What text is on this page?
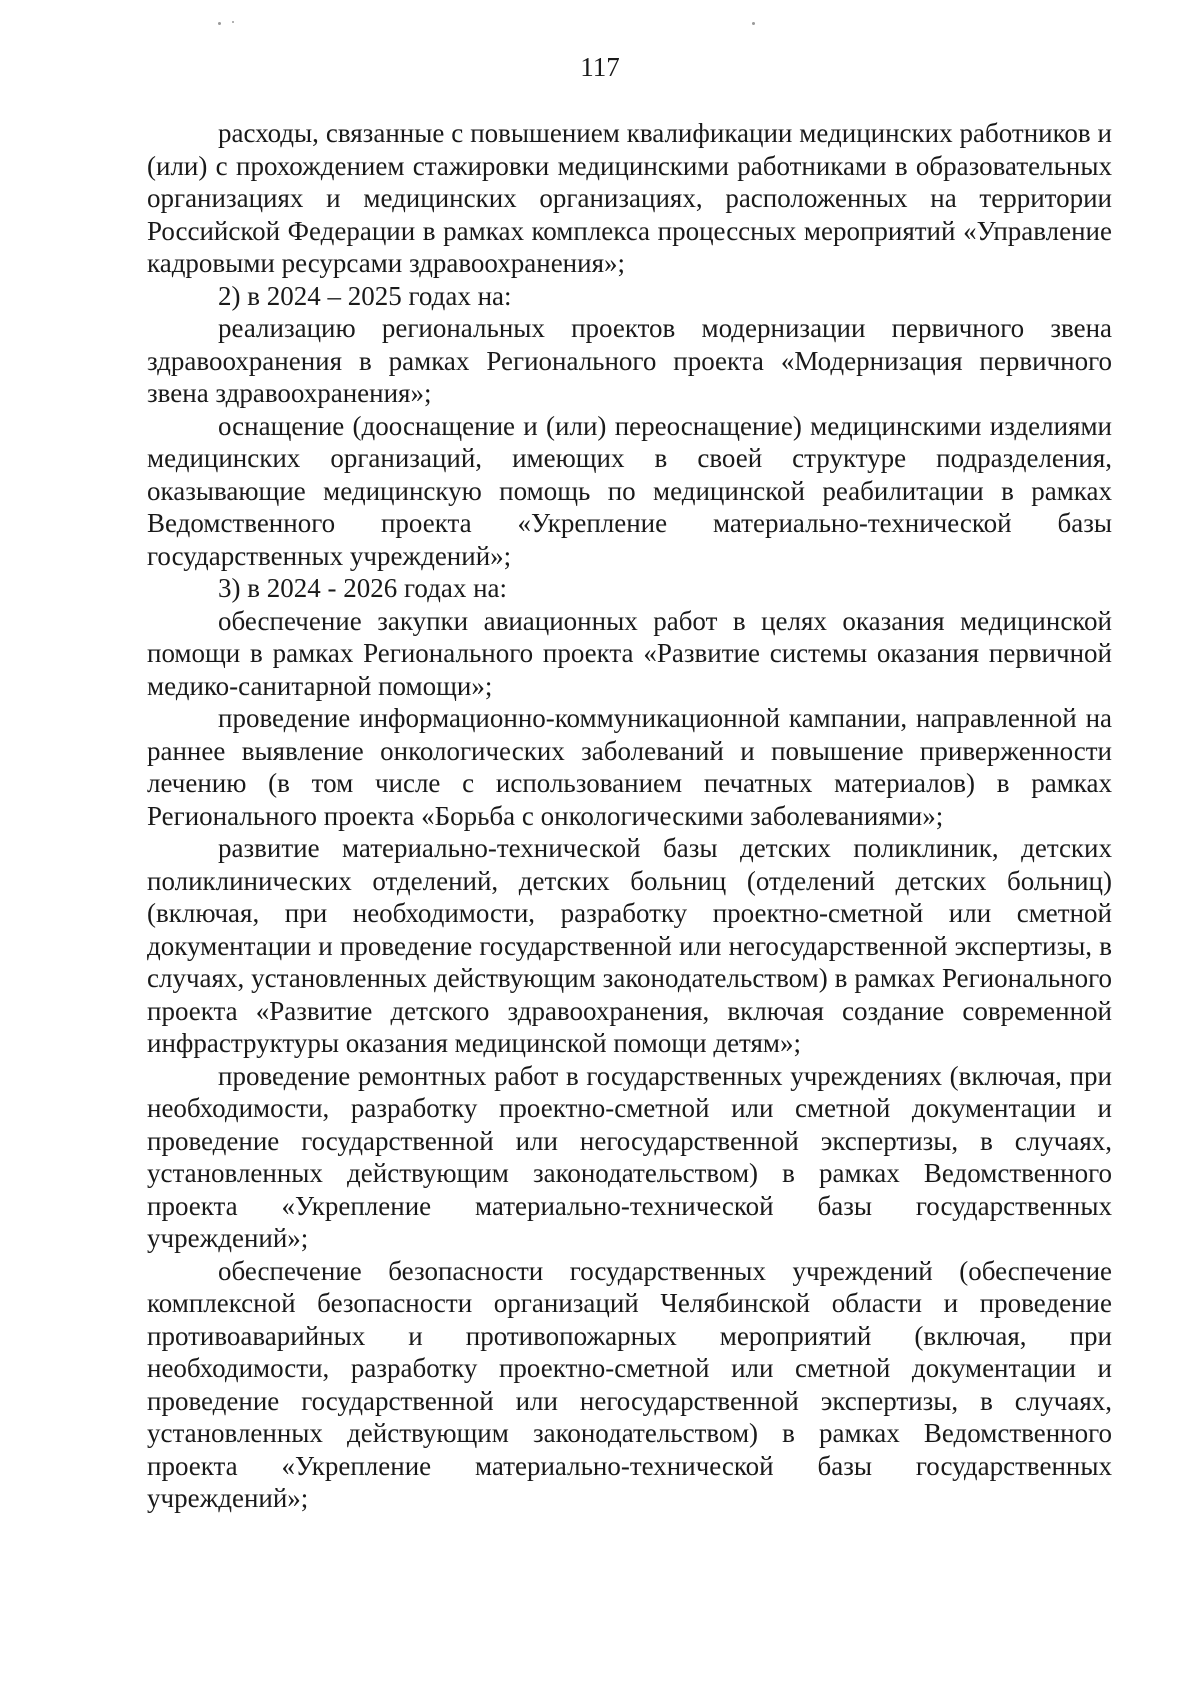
117

расходы, связанные с повышением квалификации медицинских работников и (или) с прохождением стажировки медицинскими работниками в образовательных организациях и медицинских организациях, расположенных на территории Российской Федерации в рамках комплекса процессных мероприятий «Управление кадровыми ресурсами здравоохранения»;

2) в 2024 – 2025 годах на:

реализацию региональных проектов модернизации первичного звена здравоохранения в рамках Регионального проекта «Модернизация первичного звена здравоохранения»;

оснащение (дооснащение и (или) переоснащение) медицинскими изделиями медицинских организаций, имеющих в своей структуре подразделения, оказывающие медицинскую помощь по медицинской реабилитации в рамках Ведомственного проекта «Укрепление материально-технической базы государственных учреждений»;

3) в 2024 - 2026 годах на:

обеспечение закупки авиационных работ в целях оказания медицинской помощи в рамках Регионального проекта «Развитие системы оказания первичной медико-санитарной помощи»;

проведение информационно-коммуникационной кампании, направленной на раннее выявление онкологических заболеваний и повышение приверженности лечению (в том числе с использованием печатных материалов) в рамках Регионального проекта «Борьба с онкологическими заболеваниями»;

развитие материально-технической базы детских поликлиник, детских поликлинических отделений, детских больниц (отделений детских больниц) (включая, при необходимости, разработку проектно-сметной или сметной документации и проведение государственной или негосударственной экспертизы, в случаях, установленных действующим законодательством) в рамках Регионального проекта «Развитие детского здравоохранения, включая создание современной инфраструктуры оказания медицинской помощи детям»;

проведение ремонтных работ в государственных учреждениях (включая, при необходимости, разработку проектно-сметной или сметной документации и проведение государственной или негосударственной экспертизы, в случаях, установленных действующим законодательством) в рамках Ведомственного проекта «Укрепление материально-технической базы государственных учреждений»;

обеспечение безопасности государственных учреждений (обеспечение комплексной безопасности организаций Челябинской области и проведение противоаварийных и противопожарных мероприятий (включая, при необходимости, разработку проектно-сметной или сметной документации и проведение государственной или негосударственной экспертизы, в случаях, установленных действующим законодательством) в рамках Ведомственного проекта «Укрепление материально-технической базы государственных учреждений»;
